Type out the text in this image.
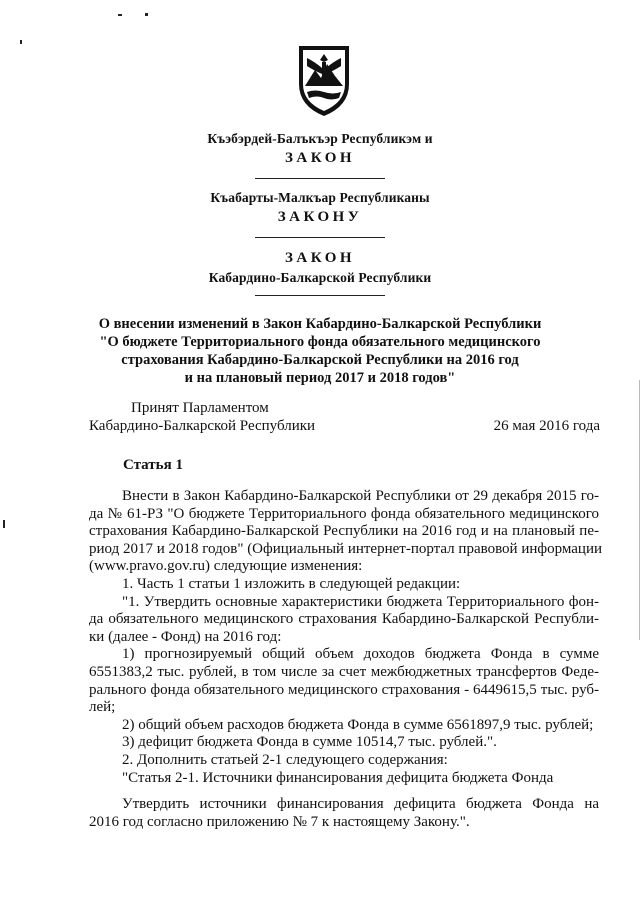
Къэбэрдей-Балъкъэр Республикэм и
ЗАКОН
Къабарты-Малкъар Республиканы
ЗАКОНУ
ЗАКОН
Кабардино-Балкарской Республики
О внесении изменений в Закон Кабардино-Балкарской Республики
"О бюджете Территориального фонда обязательного медицинского
страхования Кабардино-Балкарской Республики на 2016 год
и на плановый период 2017 и 2018 годов"
Принят Парламентом
Кабардино-Балкарской Республики	26 мая 2016 года
Статья 1
Внести в Закон Кабардино-Балкарской Республики от 29 декабря 2015 го-
да № 61-РЗ "О бюджете Территориального фонда обязательного медицинского
страхования Кабардино-Балкарской Республики на 2016 год и на плановый пе-
риод 2017 и 2018 годов" (Официальный интернет-портал правовой информации
(www.pravo.gov.ru) следующие изменения:
1. Часть 1 статьи 1 изложить в следующей редакции:
"1. Утвердить основные характеристики бюджета Территориального фон-
да обязательного медицинского страхования Кабардино-Балкарской Республи-
ки (далее - Фонд) на 2016 год:
1) прогнозируемый общий объем доходов бюджета Фонда в сумме
6551383,2 тыс. рублей, в том числе за счет межбюджетных трансфертов Феде-
рального фонда обязательного медицинского страхования - 6449615,5 тыс. руб-
лей;
2) общий объем расходов бюджета Фонда в сумме 6561897,9 тыс. рублей;
3) дефицит бюджета Фонда в сумме 10514,7 тыс. рублей.".
2. Дополнить статьей 2-1 следующего содержания:
"Статья 2-1. Источники финансирования дефицита бюджета Фонда
Утвердить источники финансирования дефицита бюджета Фонда на
2016 год согласно приложению № 7 к настоящему Закону.".
